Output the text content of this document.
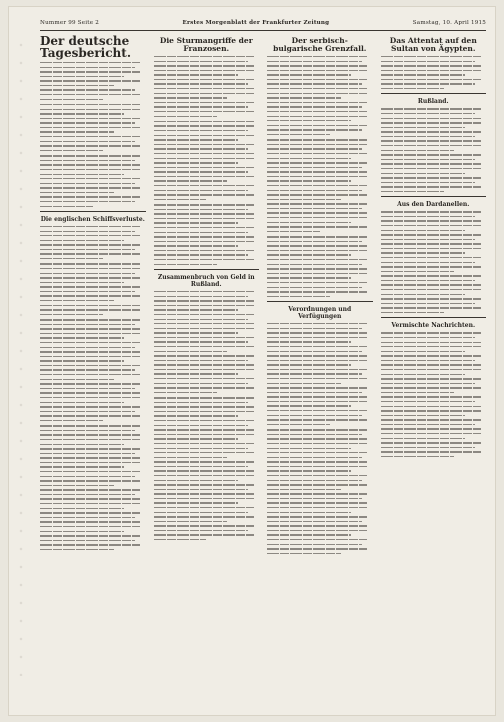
Nummer 99 Seite 2	Erstes Morgenblatt der Frankfurter Zeitung	Samstag, 10. April 1915
Der deutsche Tagesbericht.
Die englischen Schiffsverluste.
Die Sturmangriffe der Franzosen.
Zusammenbruch von Geld in Rußland.
Der serbisch-bulgarische Grenzfall.
Verordnungen und Verfügungen
Das Attentat auf den Sultan von Ägypten.
Rußland.
Aus den Dardanellen.
Vermischte Nachrichten.
